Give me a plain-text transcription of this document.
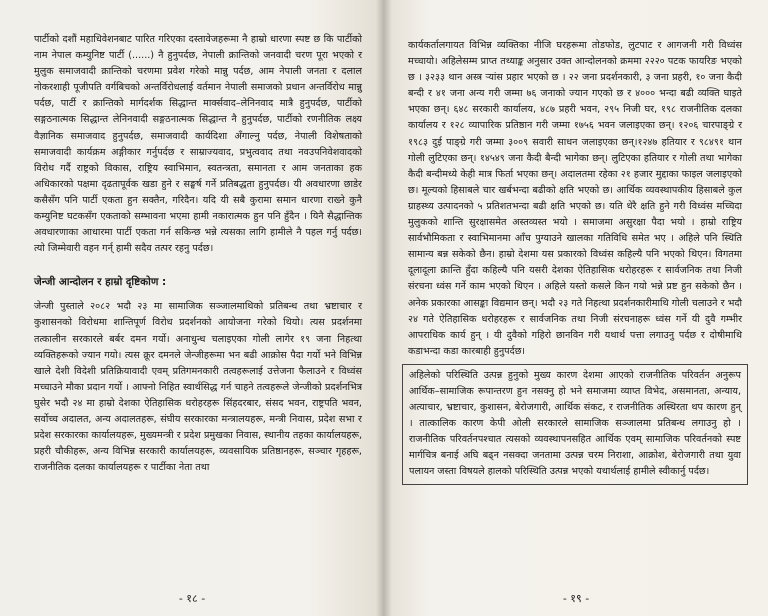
पार्टीको दशौं महाधिवेशनबाट पारित गरिएका दस्तावेजहरूमा नै हाम्रो धारणा स्पष्ट छ कि पार्टीको नाम नेपाल कम्युनिष्ट पार्टी (......) नै हुनुपर्दछ, नेपाली क्रान्तिको जनवादी चरण पूरा भएको र मुलुक समाजवादी क्रान्तिको चरणमा प्रवेश गरेको मान्नु पर्दछ, आम नेपाली जनता र दलाल नोकरशाही पूजीपति वर्गबिचको अन्तर्विरोधलाई वर्तमान नेपाली समाजको प्रधान अन्तर्विरोध मान्नु पर्दछ, पार्टी र क्रान्तिको मार्गदर्शक सिद्धान्त मार्क्सवाद–लेनिनवाद मात्रै हुनुपर्दछ, पार्टीको सङ्गठनात्मक सिद्धान्त लेनिनवादी सङ्गठनात्मक सिद्धान्त नै हुनुपर्दछ, पार्टीको रणनीतिक लक्ष्य वैज्ञानिक समाजवाद हुनुपर्दछ, समाजवादी कार्यदिशा अँगाल्नु पर्दछ, नेपाली विशेषताको समाजवादी कार्यक्रम अङ्गीकार गर्नुपर्दछ र साम्राज्यवाद, प्रभुत्ववाद तथा नवउपनिवेशवादको विरोध गर्दै राष्ट्रको विकास, राष्ट्रिय स्वाभिमान, स्वतन्त्रता, समानता र आम जनताका हक अधिकारको पक्षमा दृढतापूर्वक खडा हुने र सङ्घर्ष गर्ने प्रतिबद्धता हुनुपर्दछ। यी अवधारणा छाडेर कसैसँग पनि पार्टी एकता हुन सक्तैन, गरिदैन। यदि यी सबै कुरामा समान धारणा राख्ने कुनै कम्युनिष्ट घटकसँग एकताको सम्भावना भएमा हामी नकारात्मक हुन पनि हुँदैन । यिनै सैद्धान्तिक अवधारणाका आधारमा पार्टी एकता गर्न सकिन्छ भन्ने त्यसका लागि हामीले नै पहल गर्नु पर्दछ। त्यो जिम्मेवारी वहन गर्न् हामी सदैव तत्पर रहनु पर्दछ।

जेन्जी आन्दोलन र हाम्रो दृष्टिकोण :

जेन्जी पुस्ताले २०८२ भदौ २३ मा सामाजिक सञ्जालमाथिको प्रतिबन्ध तथा भ्रष्टाचार र कुशासनको विरोधमा शान्तिपूर्ण विरोध प्रदर्शनको आयोजना गरेको थियो। त्यस प्रदर्शनमा तत्कालीन सरकारले बर्बर दमन गर्यो। अनाधुन्ध चलाइएका गोली लागेर १९ जना निहत्था व्यक्तिहरूको ज्यान गयो। त्यस क्रूर दमनले जेन्जीहरूमा भन बढी आक्रोस पैदा गर्यो भने विभिन्न खाले देशी विदेशी प्रतिक्रियावादी एवम् प्रतिगमनकारी तत्वहरूलाई उत्तेजना फैलाउने र विध्वंस मच्चाउने मौका प्रदान गर्यो । आफ्नो निहित स्वार्थसिद्ध गर्न चाहने तत्वहरूले जेन्जीको प्रदर्शनभित्र घुसेर भदौ २४ मा हाम्रो देशका ऐतिहासिक धरोहरहरू सिंहदरबार, संसद भवन, राष्ट्रपति भवन, सर्वोच्च अदालत, अन्य अदालतहरू, संघीय सरकारका मन्त्रालयहरू, मन्त्री निवास, प्रदेश सभा र प्रदेश सरकारका कार्यालयहरू, मुख्यमन्त्री र प्रदेश प्रमुखका निवास, स्थानीय तहका कार्यालयहरू, प्रहरी चौकीहरू, अन्य विभिन्न सरकारी कार्यालयहरू, व्यवसायिक प्रतिष्ठानहरू, सञ्चार गृहहरू, राजनीतिक दलका कार्यालयहरू र पार्टीका नेता तथा

- १८ -

कार्यकर्तालगायत विभिन्न व्यक्तिका नीजि घरहरूमा तोडफोड, लुटपाट र आगजनी गरी विध्वंस मच्चायो। अहिलेसम्म प्राप्त तथ्याङ्क अनुसार उक्त आन्दोलनको क्रममा २२२० पटक फायरिङ भएको छ । ३२३३ थान अस्त्र र्‍यांस प्रहार भएको छ । २२ जना प्रदर्शनकारी, ३ जना प्रहरी, १० जना कैदी बन्दी र ४१ जना अन्य गरी जम्मा ७६ जनाको ज्यान गएको छ र ४००० भन्दा बढी व्यक्ति घाइते भएका छन्। ६४८ सरकारी कार्यालय, ४८७ प्रहरी भवन, २९५ निजी घर, १९८ राजनीतिक दलका कार्यालय र १२८ व्यापारिक प्रतिष्ठान गरी जम्मा १७५६ भवन जलाइएका छन्। १२०६ चारपाङ्ग्रे र १९८३ दुई पाङ्ग्रे गरी जम्मा ३००९ सवारी साधन जलाइएका छन्।१२४७ हतियार र ९८४९१ थान गोली लुटिएका छन्। १४५४९ जना कैदी बैन्दी भागेका छन्। लुटिएका हतियार र गोली तथा भागेका कैदी बन्दीमध्ये केही मात्र फिर्ता भएका छन्। अदालतमा रहेका २१ हजार मुद्दाका फाइल जलाइएको छ। मूल्यको हिसाबले चार खर्बभन्दा बढीको क्षति भएको छ। आर्थिक व्यवस्थापकीय हिसाबले कुल ग्राहस्थ्य उत्पादनको ५ प्रतिशतभन्दा बढी क्षति भएको छ। यति धेरै क्षति हुने गरी विध्वंस मच्चिदा मुलुकको शान्ति सुरक्षासमेत अस्तव्यस्त भयो । समाजमा असुरक्षा पैदा भयो । हाम्रो राष्ट्रिय सार्वभौमिकता र स्वाभिमानमा आँच पुग्याउने खालका गतिविधि समेत भए । अहिले पनि स्थिति सामान्य बन्न सकेको छैन। हाम्रो देशमा यस प्रकारको विध्वंस कहिल्यै पनि भएको थिएन। विगतमा दूलादूला क्रान्ति हुँदा कहिल्यै पनि यसरी देशका ऐतिहासिक धरोहरहरू र सार्वजनिक तथा निजी संरचना ध्वंस गर्ने काम भएको थिएन । अहिले यस्तो कसले किन गयो भन्ने प्रष्ट हुन सकेको छैन । अनेक प्रकारका आसङ्का विद्यमान छन्। भदौ २३ गते निहत्था प्रदर्शनकारीमाथि गोली चलाउने र भदौ २४ गते ऐतिहासिक धरोहरहरू र सार्वजनिक तथा निजी संरचनाहरू ध्वंस गर्ने यी दुवै गम्भीर आपराधिक कार्य हुन् । यी दुवैको गहिरो छानविन गरी यथार्थ पत्ता लगाउनु पर्दछ र दोषीमाथि कडाभन्दा कडा कारबाही हुनुपर्दछ।

अहिलेको परिस्थिति उत्पन्न हुनुको मुख्य कारण देशमा आएको राजनीतिक परिवर्तन अनुरूप आर्थिक–सामाजिक रूपान्तरण हुन नसक्नु हो भने समाजमा व्याप्त विभेद, असमानता, अन्याय, अत्याचार, भ्रष्टाचार, कुशासन, बेरोजगारी, आर्थिक संकट, र राजनीतिक अस्थिरता थप कारण हुन् । तात्कालिक कारण केपी ओली सरकारले सामाजिक सञ्जालमा प्रतिबन्ध लगाउनु हो । राजनीतिक परिवर्तनपश्चात त्यसको व्यवस्थापनसहित आर्थिक एवम् सामाजिक परिवर्तनको स्पष्ट मार्गचित्र बनाई अघि बढ्न नसक्दा जनतामा उत्पन्न चरम निराशा, आक्रोश, बेरोजगारी तथा युवा पलायन जस्ता विषयले हालको परिस्थिति उत्पन्न भएको यथार्थलाई हामीले स्वीकार्नु पर्दछ।

- १९ -
